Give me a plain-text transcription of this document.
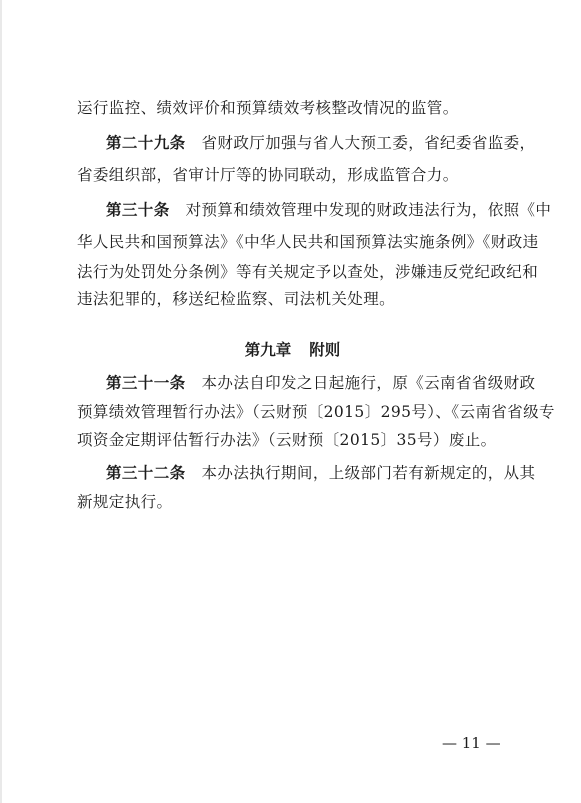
运行监控、绩效评价和预算绩效考核整改情况的监管。
第二十九条 省财政厅加强与省人大预工委，省纪委省监委，
省委组织部，省审计厅等的协同联动，形成监管合力。
第三十条 对预算和绩效管理中发现的财政违法行为，依照《中
华人民共和国预算法》《中华人民共和国预算法实施条例》《财政违
法行为处罚处分条例》等有关规定予以查处，涉嫌违反党纪政纪和
违法犯罪的，移送纪检监察、司法机关处理。
第九章 附则
第三十一条 本办法自印发之日起施行，原《云南省省级财政
预算绩效管理暂行办法》（云财预〔2015〕295号）、《云南省省级专
项资金定期评估暂行办法》（云财预〔2015〕35号）废止。
第三十二条 本办法执行期间，上级部门若有新规定的，从其
新规定执行。
— 11 —
